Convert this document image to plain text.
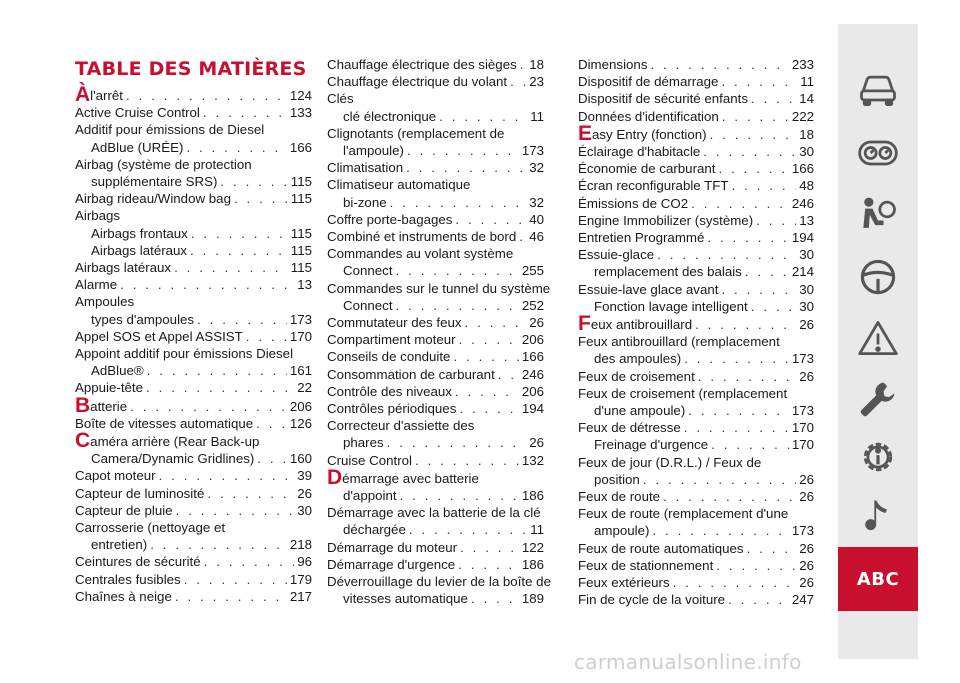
TABLE DES MATIÈRES
Àl'arrêt . . .	124
Active Cruise Control . . .	133
Additif pour émissions de Diesel
AdBlue (URÉE) . . .	166
Airbag (système de protection
supplémentaire SRS) . . .	115
Airbag rideau/Window bag . . .	115
Airbags
Airbags frontaux . . .	115
Airbags latéraux . . .	115
Airbags latéraux . . .	115
Alarme . . .	13
Ampoules
types d'ampoules . . .	173
Appel SOS et Appel ASSIST . . .	170
Appoint additif pour émissions Diesel
AdBlue® . . .	161
Appuie-tête . . .	22
Batterie . . .	206
Boîte de vitesses automatique . . .	126
Caméra arrière (Rear Back-up
Camera/Dynamic Gridlines) . . .	160
Capot moteur . . .	39
Capteur de luminosité . . .	26
Capteur de pluie . . .	30
Carrosserie (nettoyage et
entretien) . . .	218
Ceintures de sécurité . . .	96
Centrales fusibles . . .	179
Chaînes à neige . . .	217
Chauffage électrique des sièges . . . 18
Chauffage électrique du volant . . . 23
Clés
clé électronique . . .	11
Clignotants (remplacement de
l'ampoule) . . .	173
Climatisation . . .	32
Climatiseur automatique
bi-zone . . .	32
Coffre porte-bagages . . .	40
Combiné et instruments de bord . . . 46
Commandes au volant système
Connect . . .	255
Commandes sur le tunnel du système
Connect . . .	252
Commutateur des feux . . .	26
Compartiment moteur . . .	206
Conseils de conduite . . .	166
Consommation de carburant . . . 246
Contrôle des niveaux . . .	206
Contrôles périodiques . . .	194
Correcteur d'assiette des
phares . . .	26
Cruise Control . . .	132
Démarrage avec batterie
d'appoint . . .	186
Démarrage avec la batterie de la clé
déchargée . . .	11
Démarrage du moteur . . .	122
Démarrage d'urgence . . .	186
Déverrouillage du levier de la boîte de
vitesses automatique . . .	189
Dimensions . . .	233
Dispositif de démarrage . . .	11
Dispositif de sécurité enfants . . .	14
Données d'identification . . .	222
Easy Entry (fonction) . . .	18
Éclairage d'habitacle . . .	30
Économie de carburant . . .	166
Écran reconfigurable TFT . . .	48
Émissions de CO2 . . .	246
Engine Immobilizer (système) . . .	13
Entretien Programmé . . .	194
Essuie-glace . . .	30
remplacement des balais . . .	214
Essuie-lave glace avant . . .	30
Fonction lavage intelligent . . .	30
Feux antibrouillard . . .	26
Feux antibrouillard (remplacement
des ampoules) . . .	173
Feux de croisement . . .	26
Feux de croisement (remplacement
d'une ampoule) . . .	173
Feux de détresse . . .	170
Freinage d'urgence . . .	170
Feux de jour (D.R.L.) / Feux de
position . . .	26
Feux de route . . .	26
Feux de route (remplacement d'une
ampoule) . . .	173
Feux de route automatiques . . .	26
Feux de stationnement . . .	26
Feux extérieurs . . .	26
Fin de cycle de la voiture . . .	247
ABC
carmanualsonline.info
